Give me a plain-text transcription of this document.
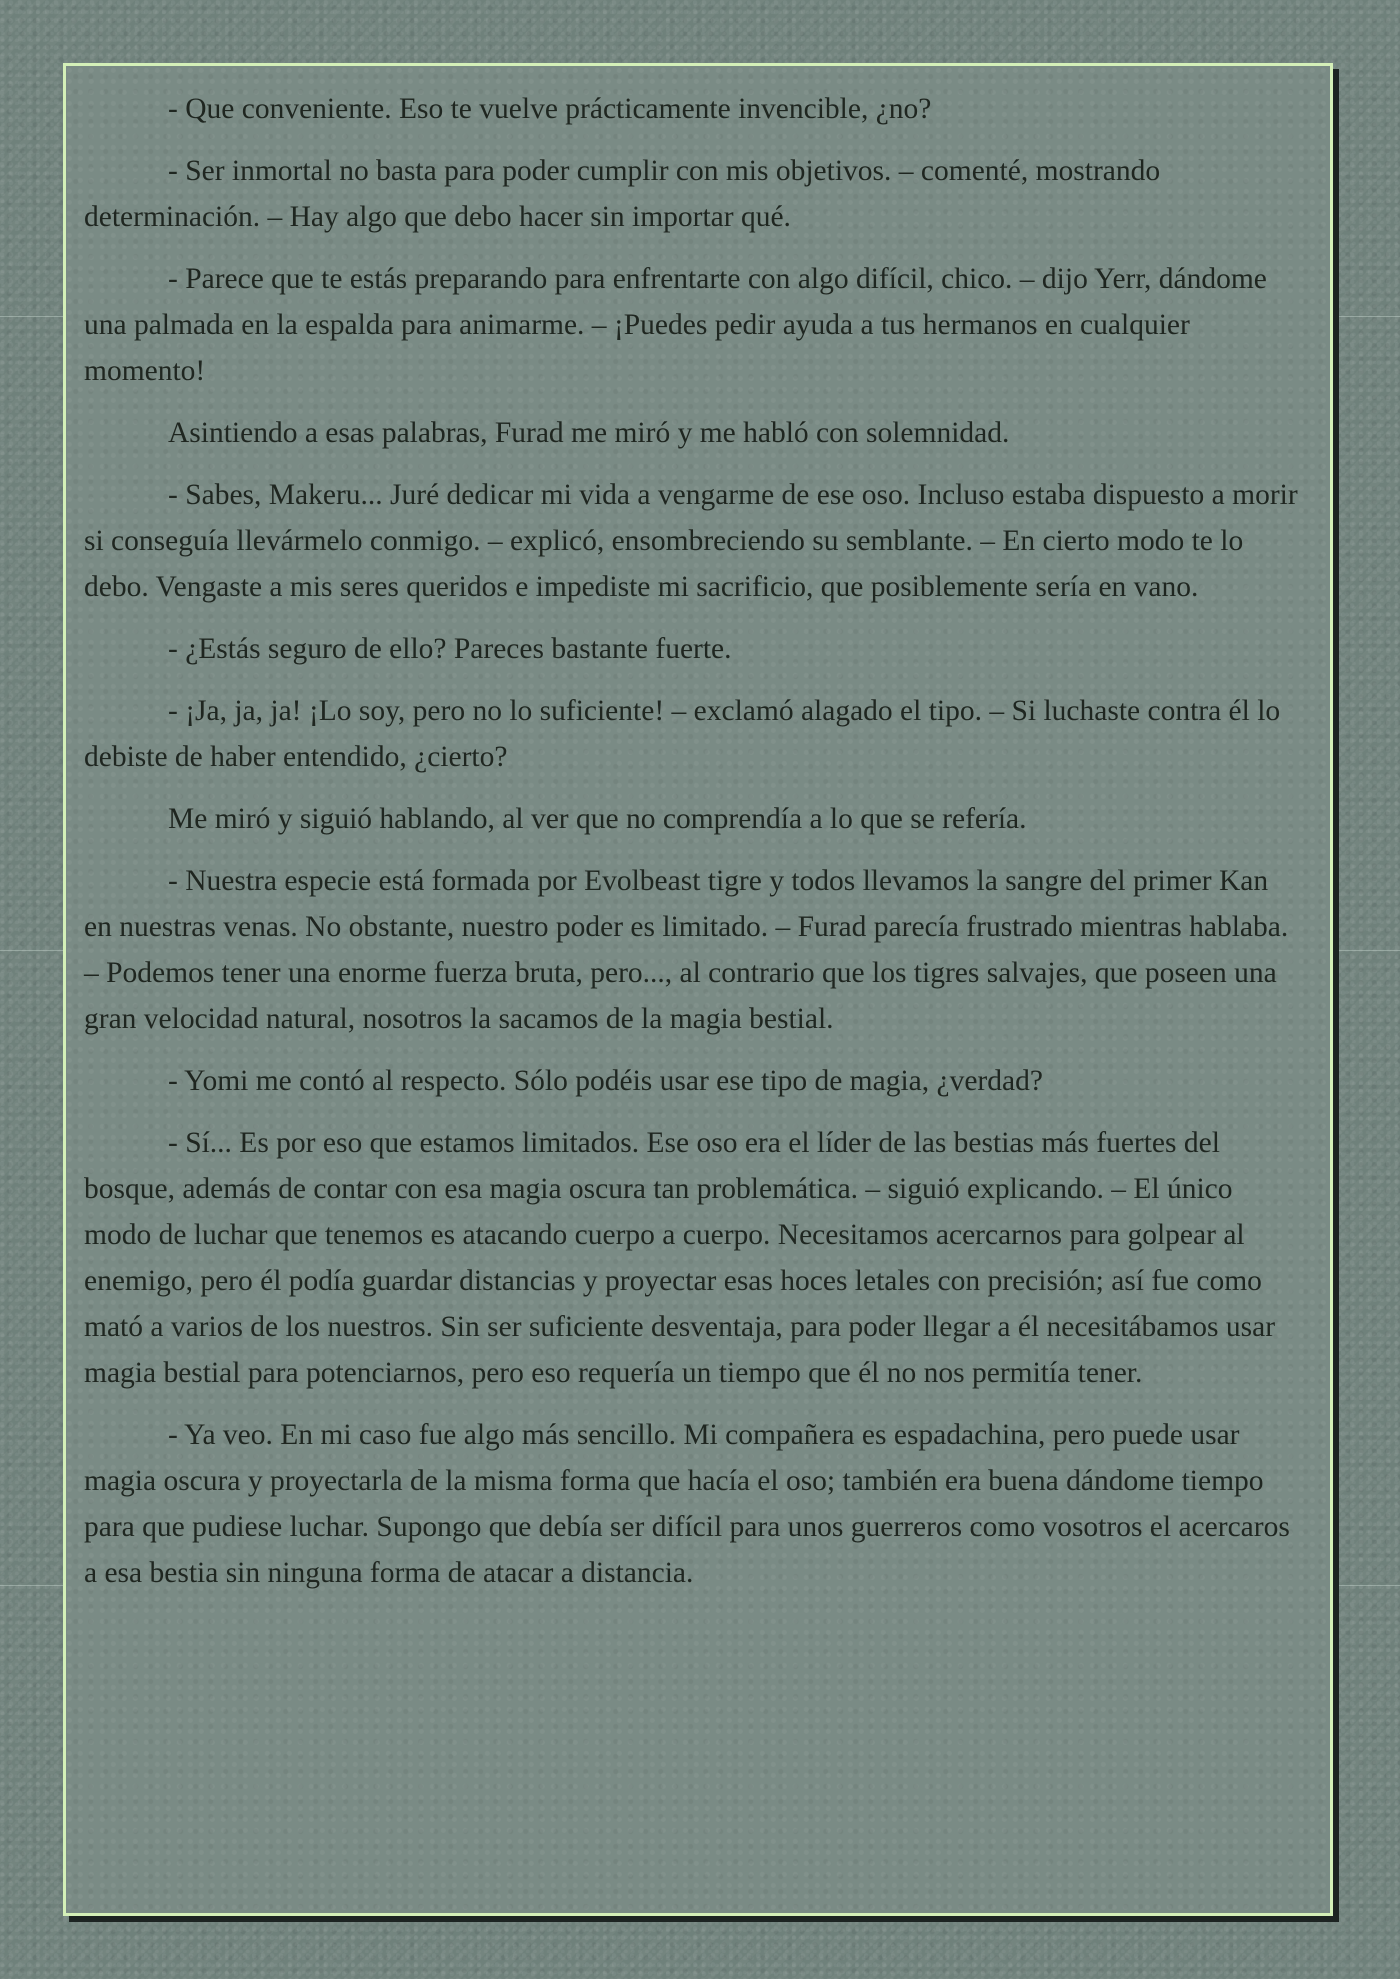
- Que conveniente. Eso te vuelve prácticamente invencible, ¿no?

- Ser inmortal no basta para poder cumplir con mis objetivos. – comenté, mostrando determinación. – Hay algo que debo hacer sin importar qué.

- Parece que te estás preparando para enfrentarte con algo difícil, chico. – dijo Yerr, dándome una palmada en la espalda para animarme. – ¡Puedes pedir ayuda a tus hermanos en cualquier momento!

Asintiendo a esas palabras, Furad me miró y me habló con solemnidad.

- Sabes, Makeru... Juré dedicar mi vida a vengarme de ese oso. Incluso estaba dispuesto a morir si conseguía llevármelo conmigo. – explicó, ensombreciendo su semblante. – En cierto modo te lo debo. Vengaste a mis seres queridos e impediste mi sacrificio, que posiblemente sería en vano.

- ¿Estás seguro de ello? Pareces bastante fuerte.

- ¡Ja, ja, ja! ¡Lo soy, pero no lo suficiente! – exclamó alagado el tipo. – Si luchaste contra él lo debiste de haber entendido, ¿cierto?

Me miró y siguió hablando, al ver que no comprendía a lo que se refería.

- Nuestra especie está formada por Evolbeast tigre y todos llevamos la sangre del primer Kan en nuestras venas. No obstante, nuestro poder es limitado. – Furad parecía frustrado mientras hablaba. – Podemos tener una enorme fuerza bruta, pero..., al contrario que los tigres salvajes, que poseen una gran velocidad natural, nosotros la sacamos de la magia bestial.

- Yomi me contó al respecto. Sólo podéis usar ese tipo de magia, ¿verdad?

- Sí... Es por eso que estamos limitados. Ese oso era el líder de las bestias más fuertes del bosque, además de contar con esa magia oscura tan problemática. – siguió explicando. – El único modo de luchar que tenemos es atacando cuerpo a cuerpo. Necesitamos acercarnos para golpear al enemigo, pero él podía guardar distancias y proyectar esas hoces letales con precisión; así fue como mató a varios de los nuestros. Sin ser suficiente desventaja, para poder llegar a él necesitábamos usar magia bestial para potenciarnos, pero eso requería un tiempo que él no nos permitía tener.

- Ya veo. En mi caso fue algo más sencillo. Mi compañera es espadachina, pero puede usar magia oscura y proyectarla de la misma forma que hacía el oso; también era buena dándome tiempo para que pudiese luchar. Supongo que debía ser difícil para unos guerreros como vosotros el acercaros a esa bestia sin ninguna forma de atacar a distancia.
